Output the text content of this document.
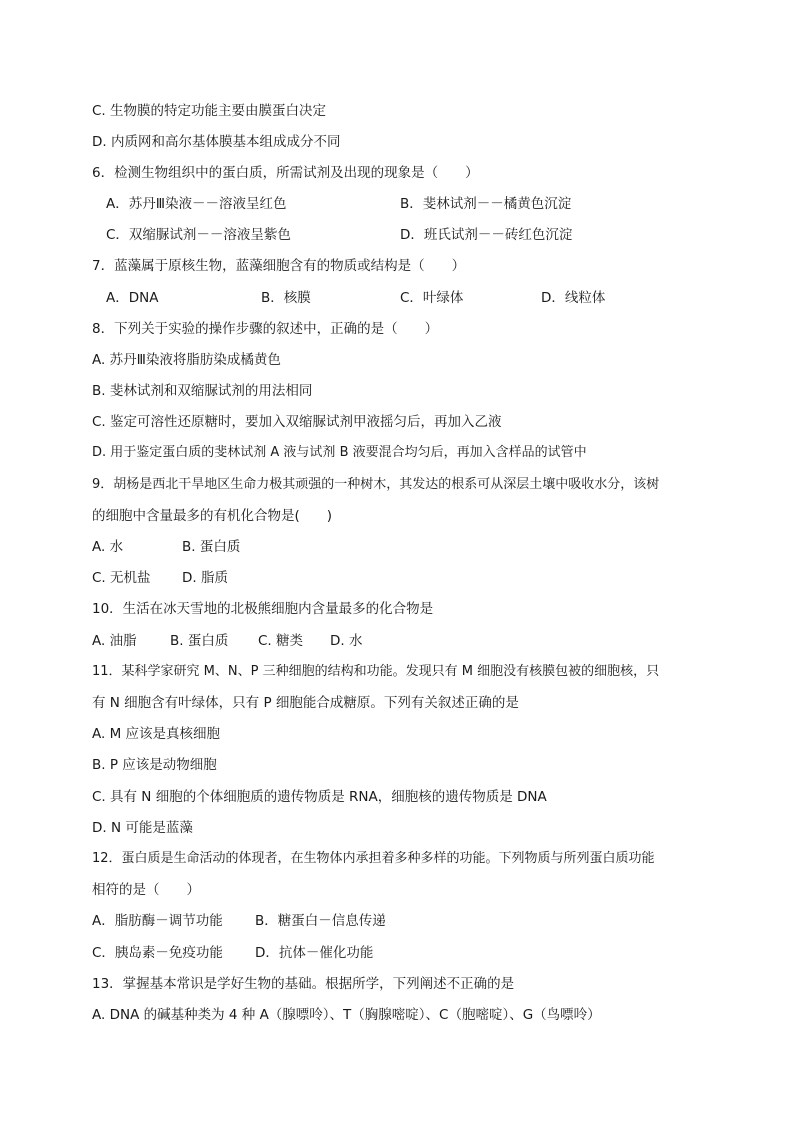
C. 生物膜的特定功能主要由膜蛋白决定
D. 内质网和高尔基体膜基本组成成分不同
6．检测生物组织中的蛋白质，所需试剂及出现的现象是（　　）
A．苏丹Ⅲ染液－－溶液呈红色	B．斐林试剂－－橘黄色沉淀
C．双缩脲试剂－－溶液呈紫色	D．班氏试剂－－砖红色沉淀
7．蓝藻属于原核生物，蓝藻细胞含有的物质或结构是（　　）
A．DNA	B．核膜	C．叶绿体	D．线粒体
8．下列关于实验的操作步骤的叙述中，正确的是（　　）
A. 苏丹Ⅲ染液将脂肪染成橘黄色
B. 斐林试剂和双缩脲试剂的用法相同
C. 鉴定可溶性还原糖时，要加入双缩脲试剂甲液摇匀后，再加入乙液
D. 用于鉴定蛋白质的斐林试剂 A 液与试剂 B 液要混合均匀后，再加入含样品的试管中
9．胡杨是西北干旱地区生命力极其顽强的一种树木，其发达的根系可从深层土壤中吸收水分，该树
的细胞中含量最多的有机化合物是(　　)
A. 水	B. 蛋白质
C. 无机盐 D. 脂质
10．生活在冰天雪地的北极熊细胞内含量最多的化合物是
A. 油脂 B. 蛋白质 C. 糖类 D. 水
11．某科学家研究 M、N、P 三种细胞的结构和功能。发现只有 M 细胞没有核膜包被的细胞核，只
有 N 细胞含有叶绿体，只有 P 细胞能合成糖原。下列有关叙述正确的是
A. M 应该是真核细胞
B. P 应该是动物细胞
C. 具有 N 细胞的个体细胞质的遗传物质是 RNA，细胞核的遗传物质是 DNA
D. N 可能是蓝藻
12．蛋白质是生命活动的体现者，在生物体内承担着多种多样的功能。下列物质与所列蛋白质功能
相符的是（　　）
A．脂肪酶－调节功能 B．糖蛋白－信息传递
C．胰岛素－免疫功能 D．抗体－催化功能
13．掌握基本常识是学好生物的基础。根据所学，下列阐述不正确的是
A. DNA 的碱基种类为 4 种 A（腺嘌呤）、T（胸腺嘧啶）、C（胞嘧啶）、G（鸟嘌呤）
